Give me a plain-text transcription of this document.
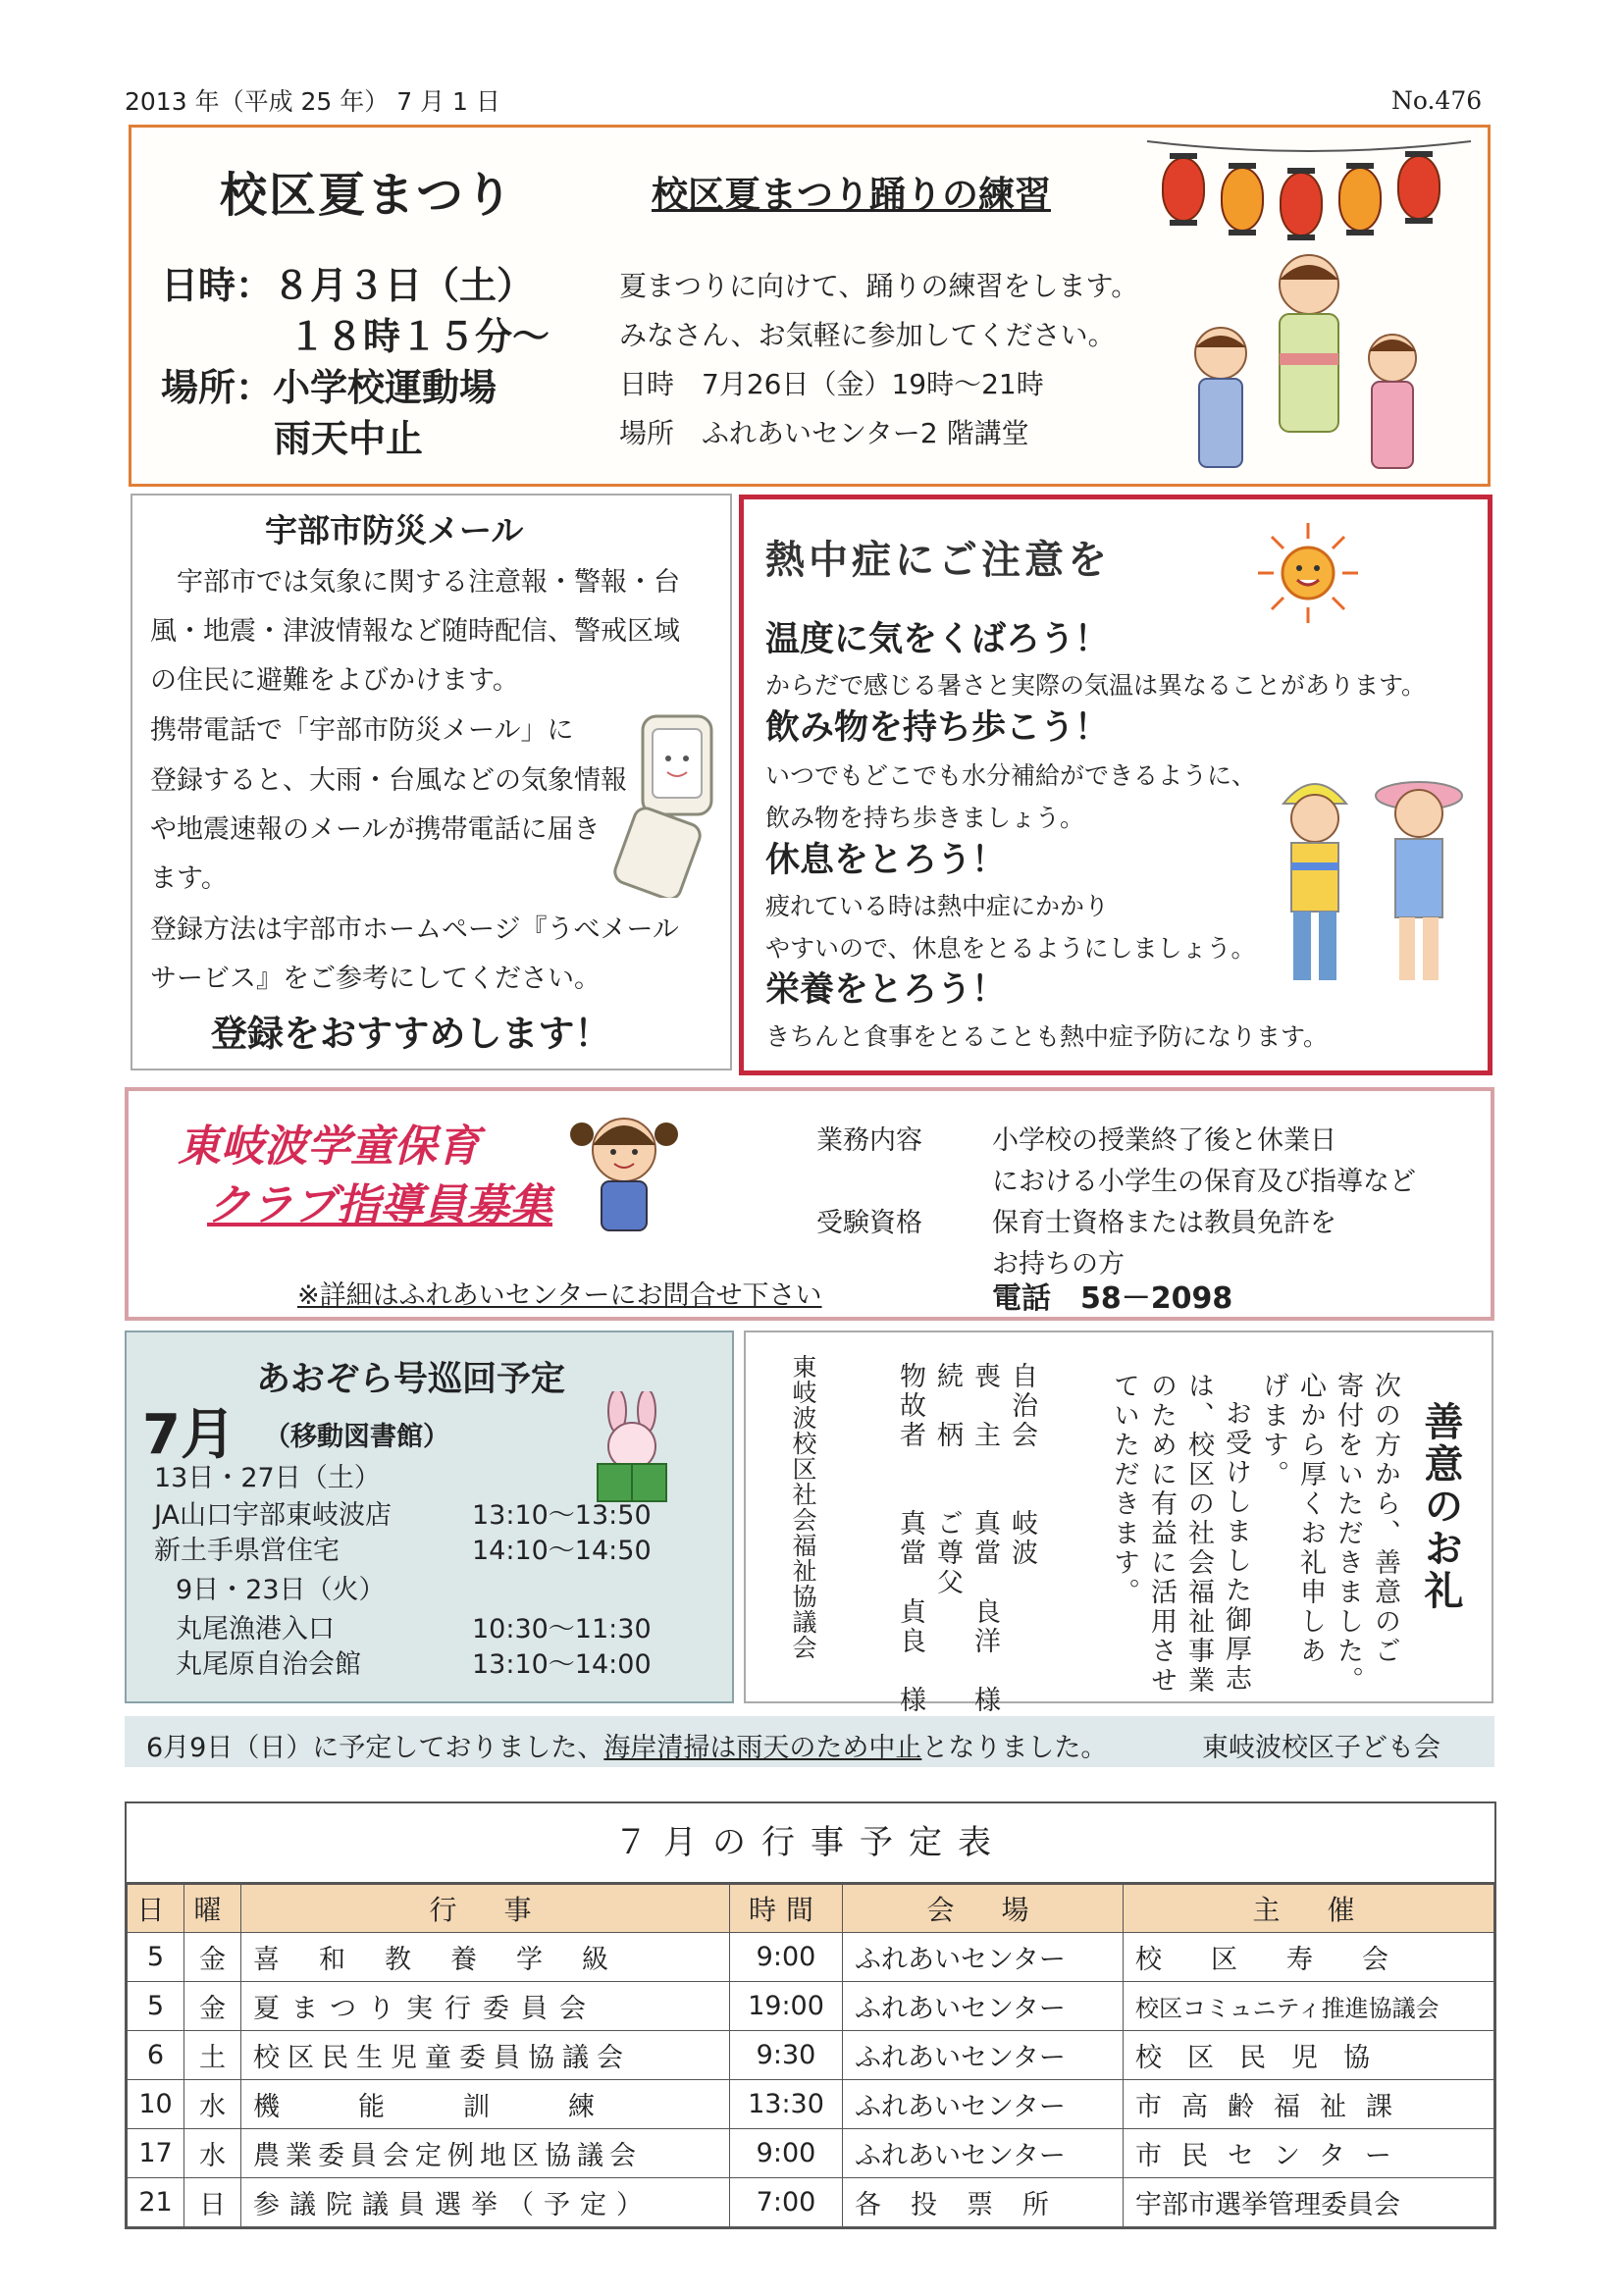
2013 年（平成 25 年） 7 月 1 日	No.476
校区夏まつり
日時：８月３日（土）
１８時１５分～
場所：小学校運動場
雨天中止
校区夏まつり踊りの練習
夏まつりに向けて、踊りの練習をします。
みなさん、お気軽に参加してください。
日時　7月26日（金）19時～21時
場所　ふれあいセンター2 階講堂
宇部市防災メール
　宇部市では気象に関する注意報・警報・台
風・地震・津波情報など随時配信、警戒区域
の住民に避難をよびかけます。
携帯電話で「宇部市防災メール」に
登録すると、大雨・台風などの気象情報
や地震速報のメールが携帯電話に届き
ます。
登録方法は宇部市ホームページ『うべメール
サービス』をご参考にしてください。
登録をおすすめします！
熱中症にご注意を
温度に気をくばろう！
からだで感じる暑さと実際の気温は異なることがあります。
飲み物を持ち歩こう！
いつでもどこでも水分補給ができるように、
飲み物を持ち歩きましょう。
休息をとろう！
疲れている時は熱中症にかかり
やすいので、休息をとるようにしましょう。
栄養をとろう！
きちんと食事をとることも熱中症予防になります。
東岐波学童保育
クラブ指導員募集
業務内容	小学校の授業終了後と休業日
における小学生の保育及び指導など
受験資格	保育士資格または教員免許を
お持ちの方
※詳細はふれあいセンターにお問合せ下さい	電話　58－2098
あおぞら号巡回予定
7月 （移動図書館）
13日・27日（土）
JA山口宇部東岐波店	13:10～13:50
新土手県営住宅	14:10～14:50
9日・23日（火）
丸尾漁港入口	10:30～11:30
丸尾原自治会館	13:10～14:00
善意のお礼
次の方から、善意のご
寄付をいただきました。
心から厚くお礼申しあ
げます。
お受けしました御厚志
は、校区の社会福祉事業
のために有益に活用させ
ていただきます。
自治会　　岐波
喪　主　　真當　良洋　様
続　柄　　ご尊父
物故者　　真當　貞良　様
東岐波校区社会福祉協議会
6月9日（日）に予定しておりました、海岸清掃は雨天のため中止となりました。	東岐波校区子ども会
７月の行事予定表
日	曜	行　事	時間	会　場	主　催
5	金	喜和教養学級	9:00	ふれあいセンター	校区寿会
5	金	夏まつり実行委員会	19:00	ふれあいセンター	校区コミュニティ推進協議会
6	土	校区民生児童委員協議会	9:30	ふれあいセンター	校区民児協
10	水	機能訓練	13:30	ふれあいセンター	市高齢福祉課
17	水	農業委員会定例地区協議会	9:00	ふれあいセンター	市民センター
21	日	参議院議員選挙（予定）	7:00	各投票所	宇部市選挙管理委員会
